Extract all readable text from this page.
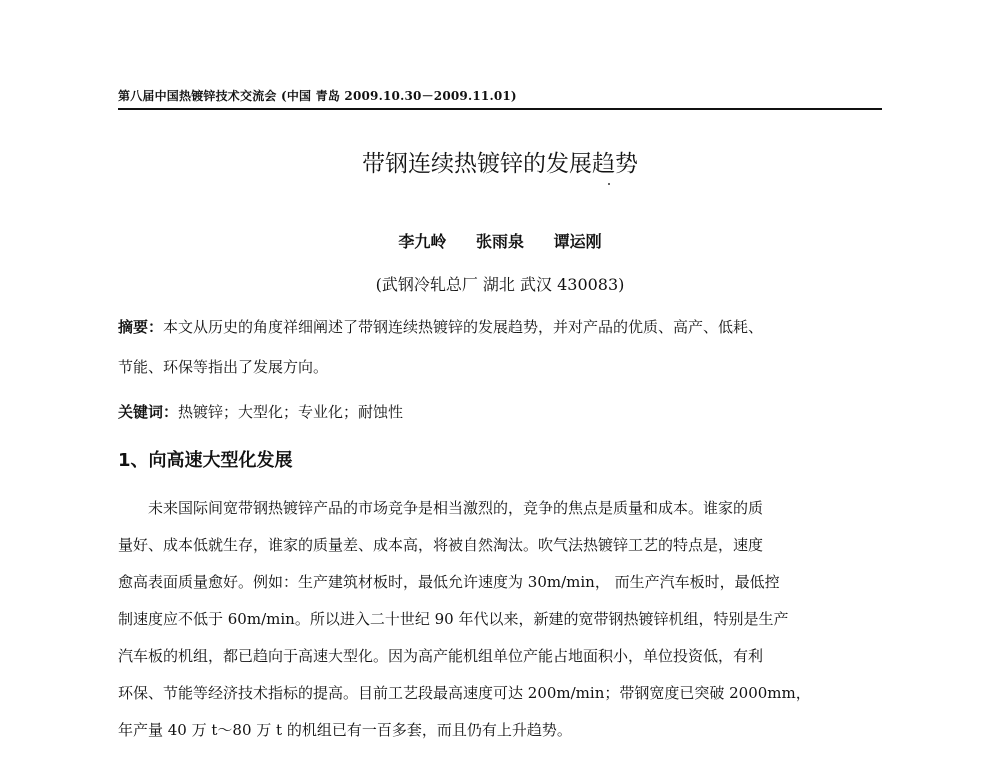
第八届中国热镀锌技术交流会 (中国 青岛 2009.10.30－2009.11.01)
带钢连续热镀锌的发展趋势
李九岭 张雨泉 谭运刚
(武钢冷轧总厂 湖北 武汉 430083)
摘要：本文从历史的角度祥细阐述了带钢连续热镀锌的发展趋势，并对产品的优质、高产、低耗、
节能、环保等指出了发展方向。
关键词：热镀锌；大型化；专业化；耐蚀性
1、向高速大型化发展

未来国际间宽带钢热镀锌产品的市场竞争是相当激烈的，竞争的焦点是质量和成本。谁家的质
量好、成本低就生存，谁家的质量差、成本高，将被自然淘汰。吹气法热镀锌工艺的特点是，速度
愈高表面质量愈好。例如：生产建筑材板时，最低允许速度为 30m/min， 而生产汽车板时，最低控
制速度应不低于 60m/min。所以进入二十世纪 90 年代以来，新建的宽带钢热镀锌机组，特别是生产
汽车板的机组，都已趋向于高速大型化。因为高产能机组单位产能占地面积小，单位投资低，有利
环保、节能等经济技术指标的提高。目前工艺段最高速度可达 200m/min；带钢宽度已突破 2000mm，
年产量 40 万 t～80 万 t 的机组已有一百多套，而且仍有上升趋势。
